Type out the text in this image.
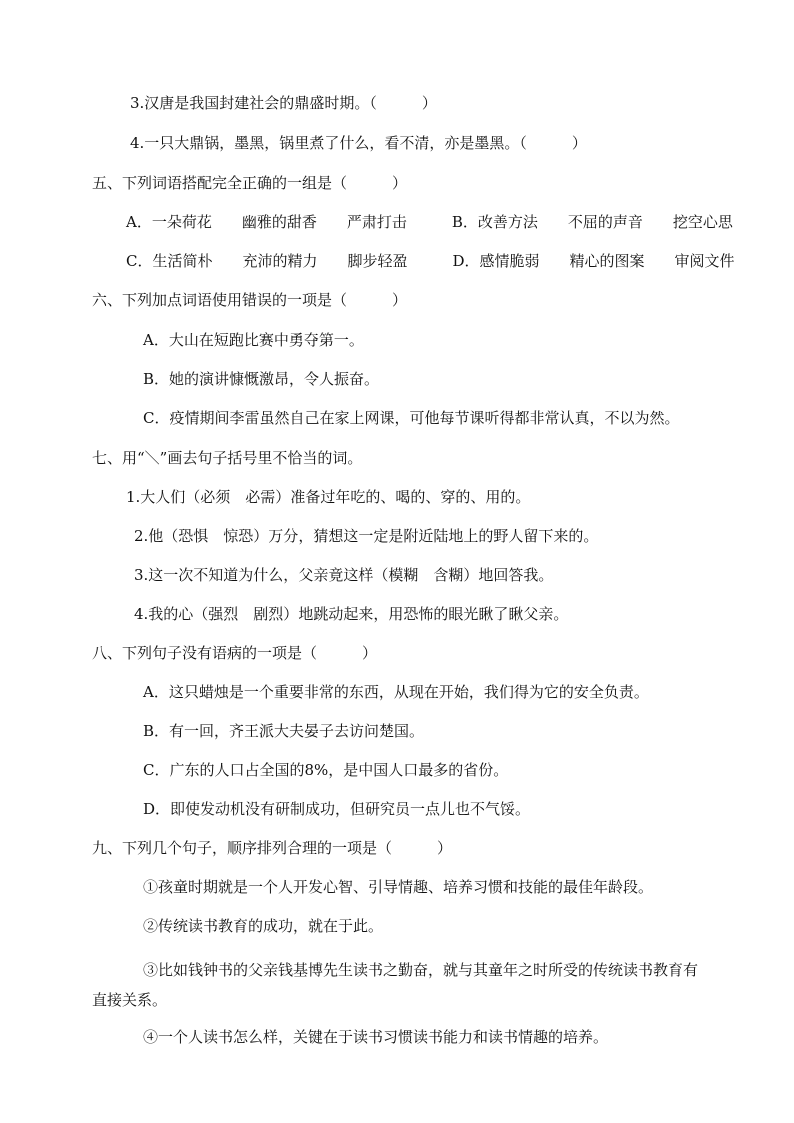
3.汉唐是我国封建社会的鼎盛时期。（　　　）
4.一只大鼎锅，墨黑，锅里煮了什么，看不清，亦是墨黑。（　　　）
五、下列词语搭配完全正确的一组是（　　　）
A．一朵荷花　　幽雅的甜香　　严肃打击　　　B．改善方法　　不屈的声音　　挖空心思
C．生活简朴　　充沛的精力　　脚步轻盈　　　D．感情脆弱　　精心的图案　　审阅文件
六、下列加点词语使用错误的一项是（　　　）
A．大山在短跑比赛中勇夺第一。
B．她的演讲慷慨激昂，令人振奋。
C．疫情期间李雷虽然自己在家上网课，可他每节课听得都非常认真，不以为然。
七、用“＼”画去句子括号里不恰当的词。
1.大人们（必须　必需）准备过年吃的、喝的、穿的、用的。
2.他（恐惧　惊恐）万分，猜想这一定是附近陆地上的野人留下来的。
3.这一次不知道为什么，父亲竟这样（模糊　含糊）地回答我。
4.我的心（强烈　剧烈）地跳动起来，用恐怖的眼光瞅了瞅父亲。
八、下列句子没有语病的一项是（　　　）
A．这只蜡烛是一个重要非常的东西，从现在开始，我们得为它的安全负责。
B．有一回，齐王派大夫晏子去访问楚国。
C．广东的人口占全国的8%，是中国人口最多的省份。
D．即使发动机没有研制成功，但研究员一点儿也不气馁。
九、下列几个句子，顺序排列合理的一项是（　　　）
①孩童时期就是一个人开发心智、引导情趣、培养习惯和技能的最佳年龄段。
②传统读书教育的成功，就在于此。
③比如钱钟书的父亲钱基博先生读书之勤奋，就与其童年之时所受的传统读书教育有直接关系。
④一个人读书怎么样，关键在于读书习惯读书能力和读书情趣的培养。
